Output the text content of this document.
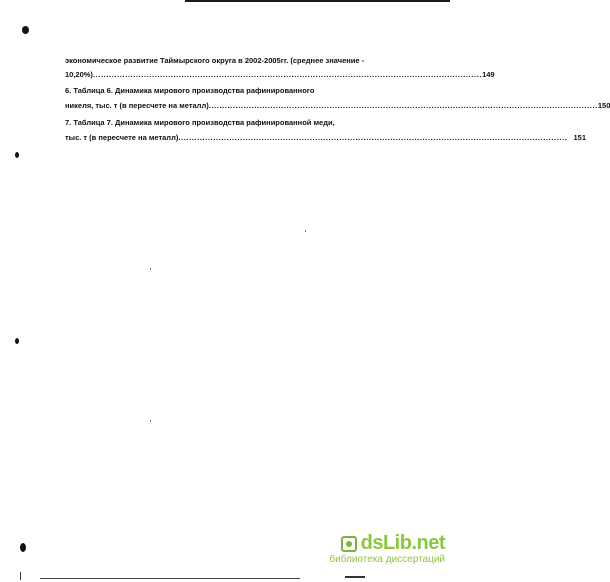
экономическое развитие Таймырского округа в 2002-2005гг. (среднее значение -
10,20%) ................................................................................................................................................. 149
6. Таблица 6. Динамика мирового производства рафинированного
никеля, тыс. т (в пересчете на металл) ................................................................................................................................................. 150
7. Таблица 7. Динамика мирового производства рафинированной меди,
тыс. т (в пересчете на металл) ................................................................................................................................................. 151
dsLib.net
библиотека диссертаций
